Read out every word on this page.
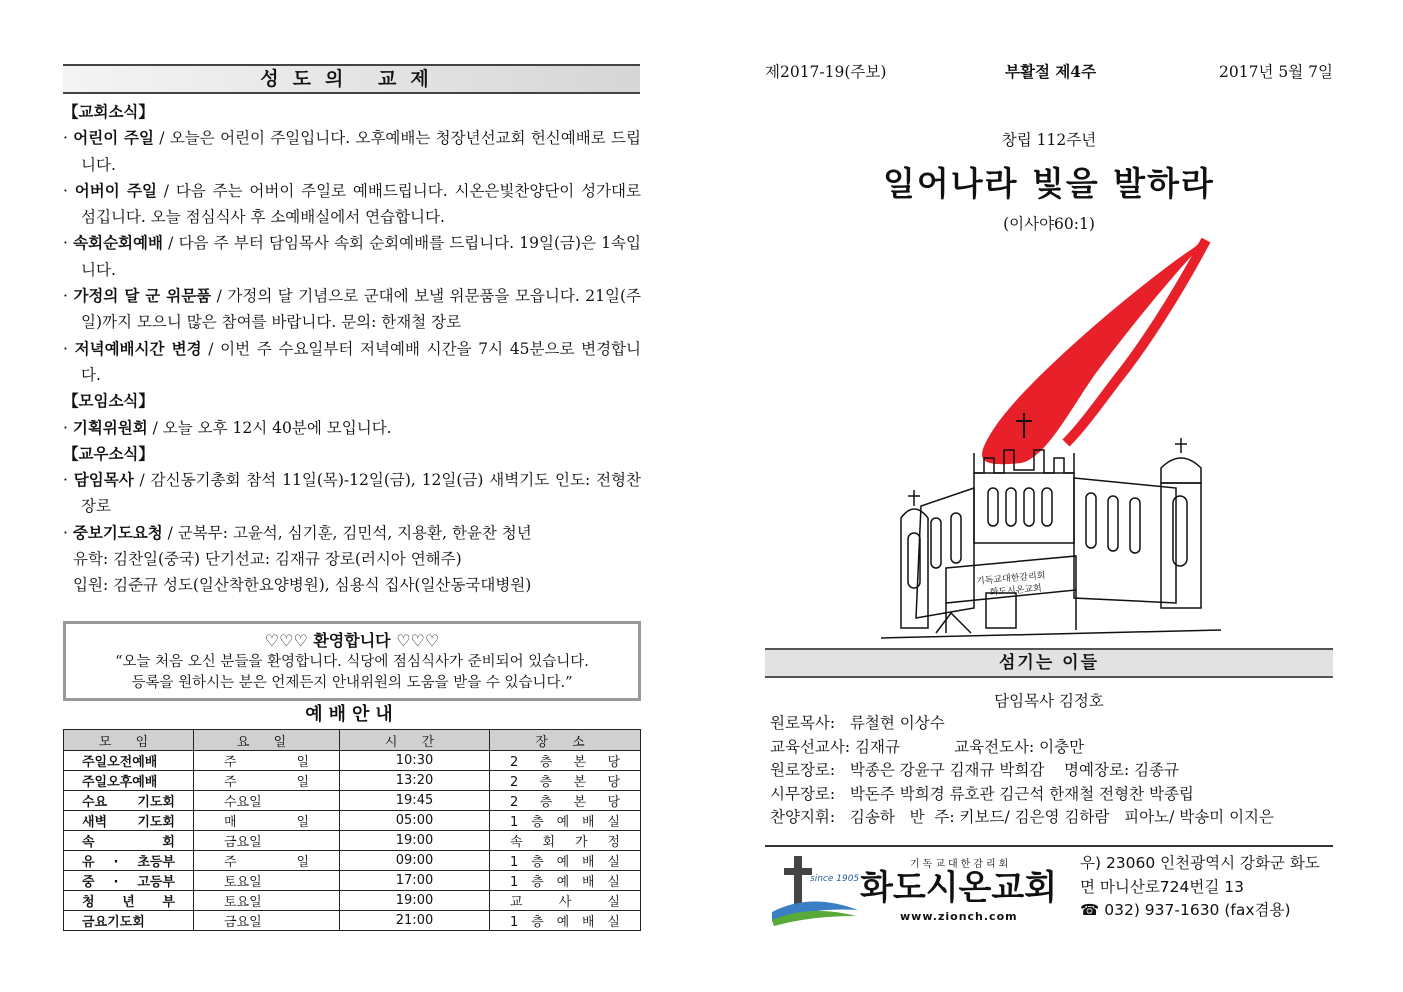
성도의 교제
【교회소식】
· 어린이 주일 / 오늘은 어린이 주일입니다. 오후예배는 청장년선교회 헌신예배로 드립니다.
· 어버이 주일 / 다음 주는 어버이 주일로 예배드립니다. 시온은빛찬양단이 성가대로 섬깁니다. 오늘 점심식사 후 소예배실에서 연습합니다.
· 속회순회예배 / 다음 주 부터 담임목사 속회 순회예배를 드립니다. 19일(금)은 1속입니다.
· 가정의 달 군 위문품 / 가정의 달 기념으로 군대에 보낼 위문품을 모읍니다. 21일(주일)까지 모으니 많은 참여를 바랍니다. 문의: 한재철 장로
· 저녁예배시간 변경 / 이번 주 수요일부터 저녁예배 시간을 7시 45분으로 변경합니다.
【모임소식】
· 기획위원회 / 오늘 오후 12시 40분에 모입니다.
【교우소식】
· 담임목사 / 감신동기총회 참석 11일(목)-12일(금), 12일(금) 새벽기도 인도: 전형찬 장로
· 중보기도요청 / 군복무: 고윤석, 심기훈, 김민석, 지용환, 한윤찬 청년
유학: 김찬일(중국) 단기선교: 김재규 장로(러시아 연해주)
입원: 김준규 성도(일산착한요양병원), 심용식 집사(일산동국대병원)
♡♡♡ 환영합니다 ♡♡♡
“오늘 처음 오신 분들을 환영합니다. 식당에 점심식사가 준비되어 있습니다.
등록을 원하시는 분은 언제든지 안내위원의 도움을 받을 수 있습니다.”
예배안내
모 임	요 일	시 간	장 소
주일오전예배	주 일	10:30	2 층 본 당
주일오후예배	주 일	13:20	2 층 본 당
수요 기도회	수요일	19:45	2 층 본 당
새벽 기도회	매 일	05:00	1 층 예 배 실
속 회	금요일	19:00	속 회 가 정
유 · 초등부	주 일	09:00	1 층 예 배 실
중 · 고등부	토요일	17:00	1 층 예 배 실
청 년 부	토요일	19:00	교 사 실
금요기도회	금요일	21:00	1 층 예 배 실
제2017-19(주보)	부활절 제4주	2017년 5월 7일
창립 112주년
일어나라 빛을 발하라
(이사야60:1)
기독교대한감리회
화도시온교회
섬기는 이들
담임목사 김정호
원로목사:   류철현 이상수
교육선교사: 김재규           교육전도사: 이충만
원로장로:   박종은 강윤구 김재규 박희감    명예장로: 김종규
시무장로:   박돈주 박희경 류호관 김근석 한재철 전형찬 박종립
찬양지휘:   김송하   반  주: 키보드/ 김은영 김하람   피아노/ 박송미 이지은
since 1905
기독교대한감리회
화도시온교회
www.zionch.com
우) 23060 인천광역시 강화군 화도
면 마니산로724번길 13
☎ 032) 937-1630 (fax겸용)
